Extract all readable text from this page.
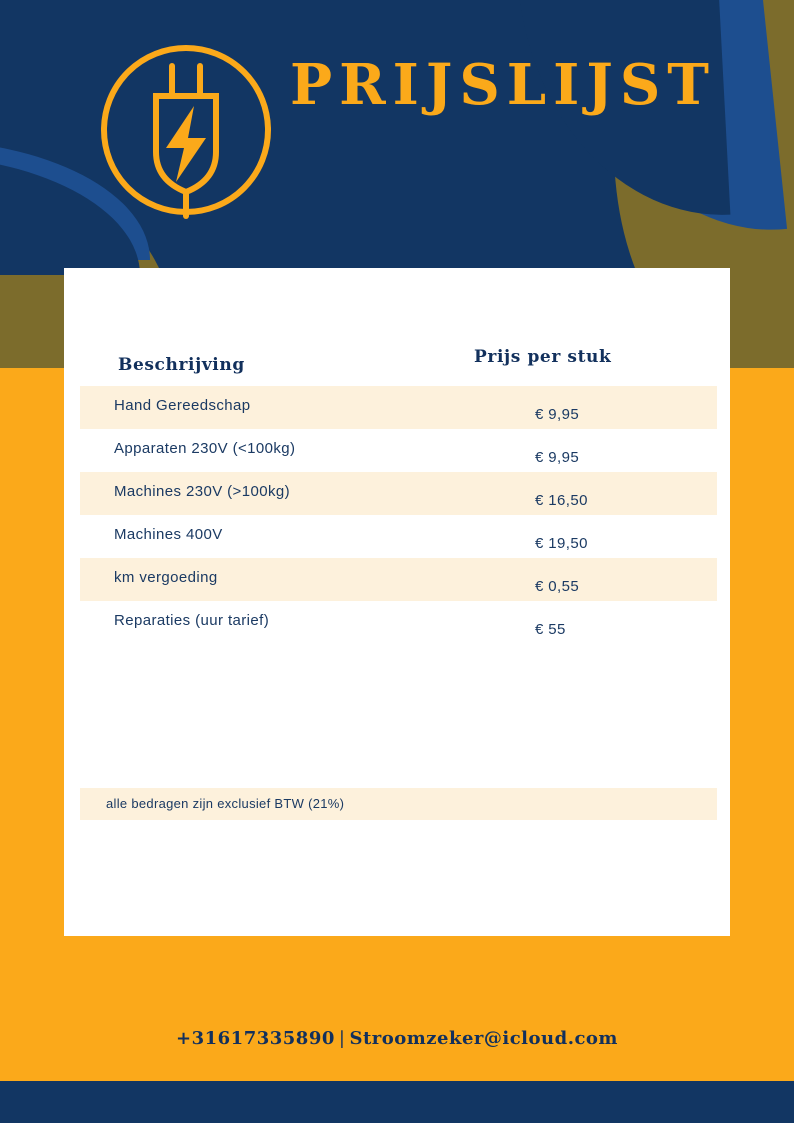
PRIJSLIJST
Beschrijving	Prijs per stuk
Hand Gereedschap
€ 9,95
Apparaten 230V (<100kg)
€ 9,95
Machines 230V (>100kg)
€ 16,50
Machines 400V
€ 19,50
km vergoeding
€ 0,55
Reparaties (uur tarief)
€ 55
alle bedragen zijn exclusief BTW (21%)
+31617335890 | Stroomzeker@icloud.com
